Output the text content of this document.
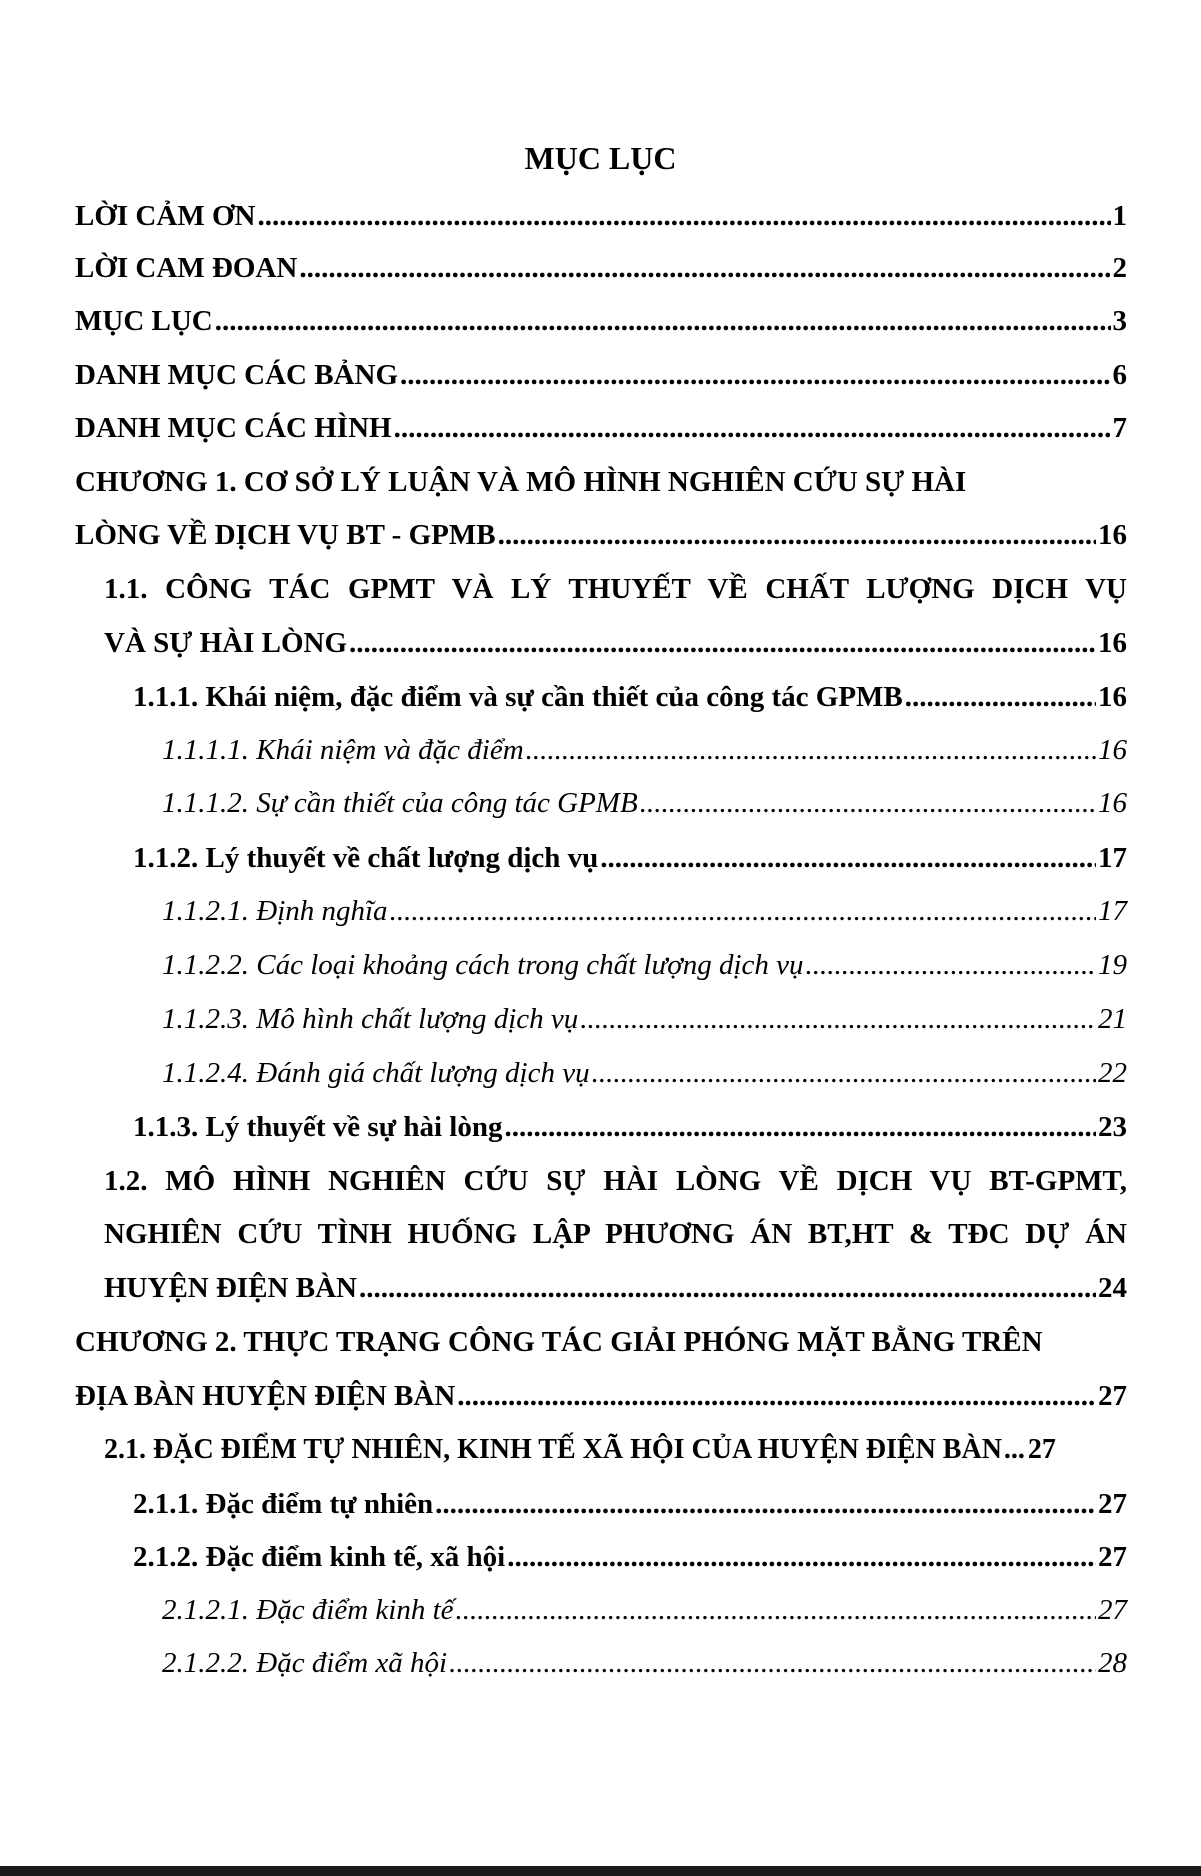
MỤC LỤC
LỜI CẢM ƠN .....	1
LỜI CAM ĐOAN .....	2
MỤC LỤC .....	3
DANH MỤC CÁC BẢNG .....	6
DANH MỤC CÁC HÌNH .....	7
CHƯƠNG 1. CƠ SỞ LÝ LUẬN VÀ MÔ HÌNH NGHIÊN CỨU SỰ HÀI
LÒNG VỀ DỊCH VỤ BT - GPMB .....	16
1.1. CÔNG TÁC GPMT VÀ LÝ THUYẾT VỀ CHẤT LƯỢNG DỊCH VỤ
VÀ SỰ HÀI LÒNG .....	16
1.1.1. Khái niệm, đặc điểm và sự cần thiết của công tác GPMB .....	16
1.1.1.1. Khái niệm và đặc điểm .....	16
1.1.1.2. Sự cần thiết của công tác GPMB .....	16
1.1.2. Lý thuyết về chất lượng dịch vụ .....	17
1.1.2.1. Định nghĩa .....	17
1.1.2.2. Các loại khoảng cách trong chất lượng dịch vụ .....	19
1.1.2.3. Mô hình chất lượng dịch vụ .....	21
1.1.2.4. Đánh giá chất lượng dịch vụ .....	22
1.1.3. Lý thuyết về sự hài lòng .....	23
1.2. MÔ HÌNH NGHIÊN CỨU SỰ HÀI LÒNG VỀ DỊCH VỤ BT-GPMT,
NGHIÊN CỨU TÌNH HUỐNG LẬP PHƯƠNG ÁN BT,HT & TĐC DỰ ÁN
HUYỆN ĐIỆN BÀN .....	24
CHƯƠNG 2. THỰC TRẠNG CÔNG TÁC GIẢI PHÓNG MẶT BẰNG TRÊN
ĐỊA BÀN HUYỆN ĐIỆN BÀN .....	27
2.1. ĐẶC ĐIỂM TỰ NHIÊN, KINH TẾ XÃ HỘI CỦA HUYỆN ĐIỆN BÀN ..... 27
2.1.1. Đặc điểm tự nhiên .....	27
2.1.2. Đặc điểm kinh tế, xã hội .....	27
2.1.2.1. Đặc điểm kinh tế .....	27
2.1.2.2. Đặc điểm xã hội .....	28
